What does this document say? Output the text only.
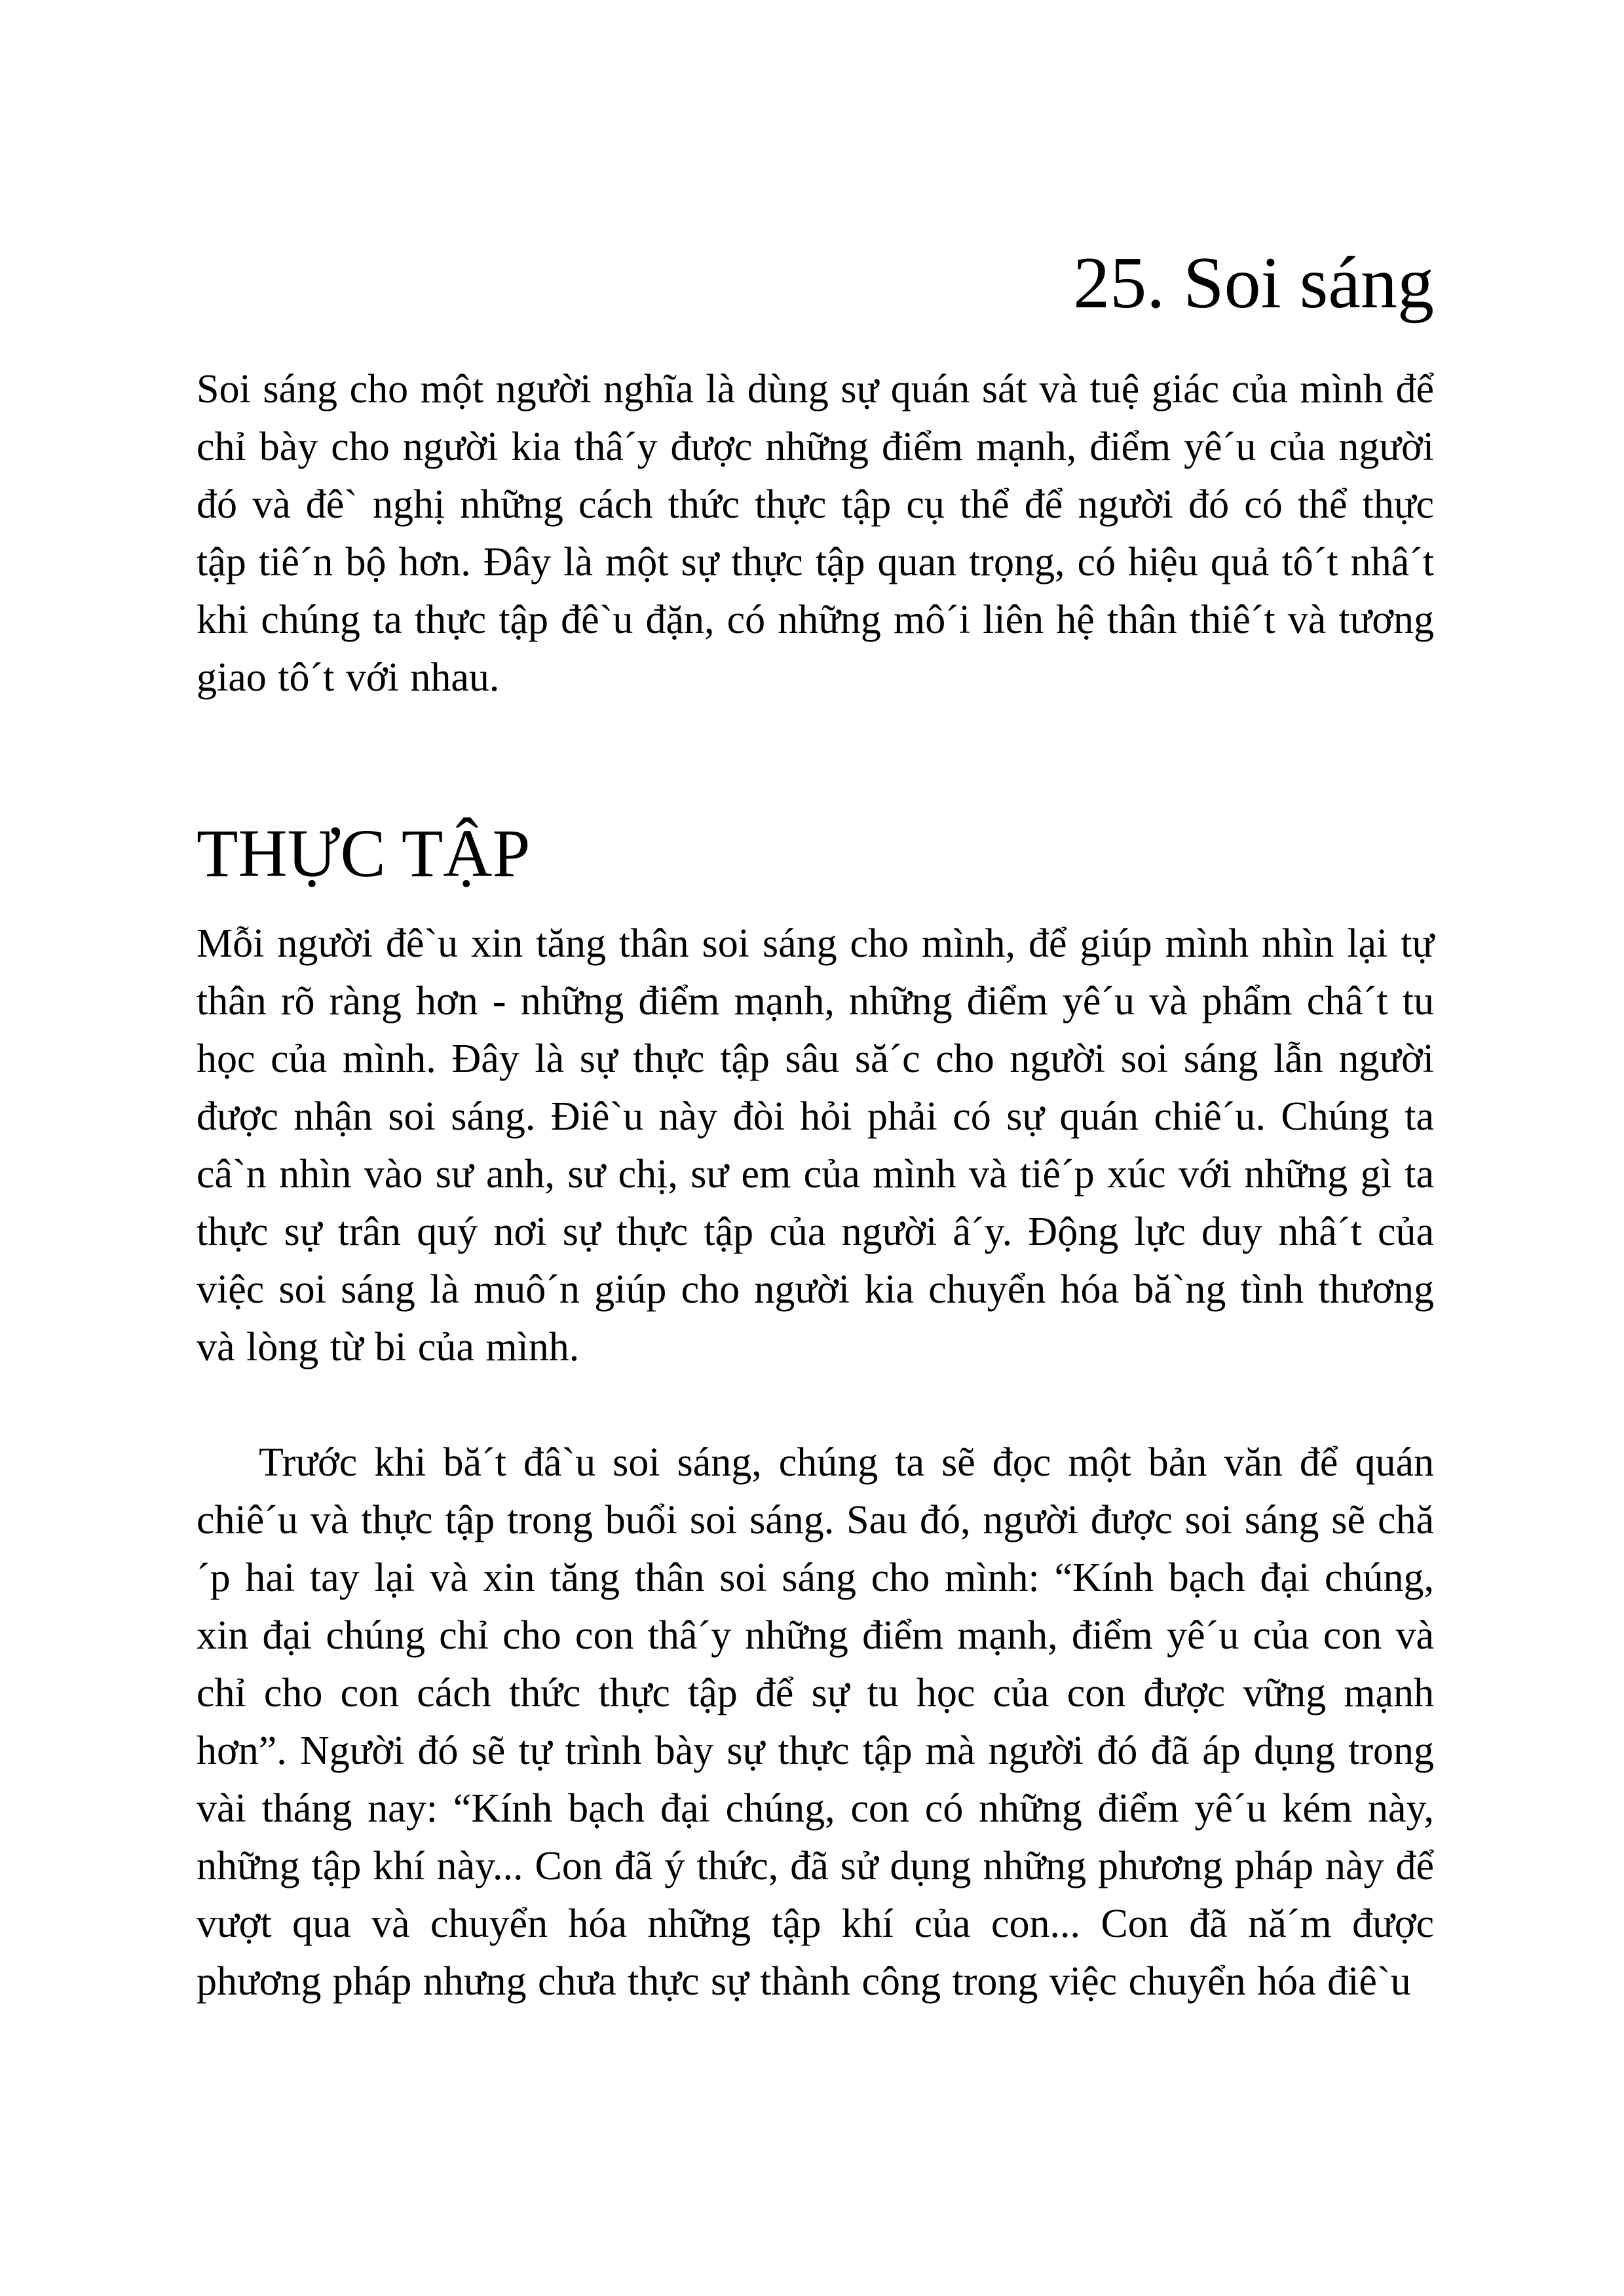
25. Soi sáng

Soi sáng cho một người nghĩa là dùng sự quán sát và tuệ giác của mình để chỉ bày cho người kia thâ´y được những điểm mạnh, điểm yê´u của người đó và đê` nghị những cách thức thực tập cụ thể để người đó có thể thực tập tiê´n bộ hơn. Đây là một sự thực tập quan trọng, có hiệu quả tô´t nhâ´t khi chúng ta thực tập đê`u đặn, có những mô´i liên hệ thân thiê´t và tương giao tô´t với nhau.

THỰC TẬP

Mỗi người đê`u xin tăng thân soi sáng cho mình, để giúp mình nhìn lại tự thân rõ ràng hơn - những điểm mạnh, những điểm yê´u và phẩm châ´t tu học của mình. Đây là sự thực tập sâu să´c cho người soi sáng lẫn người được nhận soi sáng. Điê`u này đòi hỏi phải có sự quán chiê´u. Chúng ta câ`n nhìn vào sư anh, sư chị, sư em của mình và tiê´p xúc với những gì ta thực sự trân quý nơi sự thực tập của người â´y. Động lực duy nhâ´t của việc soi sáng là muô´n giúp cho người kia chuyển hóa bă`ng tình thương và lòng từ bi của mình.

Trước khi bă´t đâ`u soi sáng, chúng ta sẽ đọc một bản văn để quán chiê´u và thực tập trong buổi soi sáng. Sau đó, người được soi sáng sẽ chă´p hai tay lại và xin tăng thân soi sáng cho mình: “Kính bạch đại chúng, xin đại chúng chỉ cho con thâ´y những điểm mạnh, điểm yê´u của con và chỉ cho con cách thức thực tập để sự tu học của con được vững mạnh hơn”. Người đó sẽ tự trình bày sự thực tập mà người đó đã áp dụng trong vài tháng nay: “Kính bạch đại chúng, con có những điểm yê´u kém này, những tập khí này... Con đã ý thức, đã sử dụng những phương pháp này để vượt qua và chuyển hóa những tập khí của con... Con đã nă´m được phương pháp nhưng chưa thực sự thành công trong việc chuyển hóa điê`u
